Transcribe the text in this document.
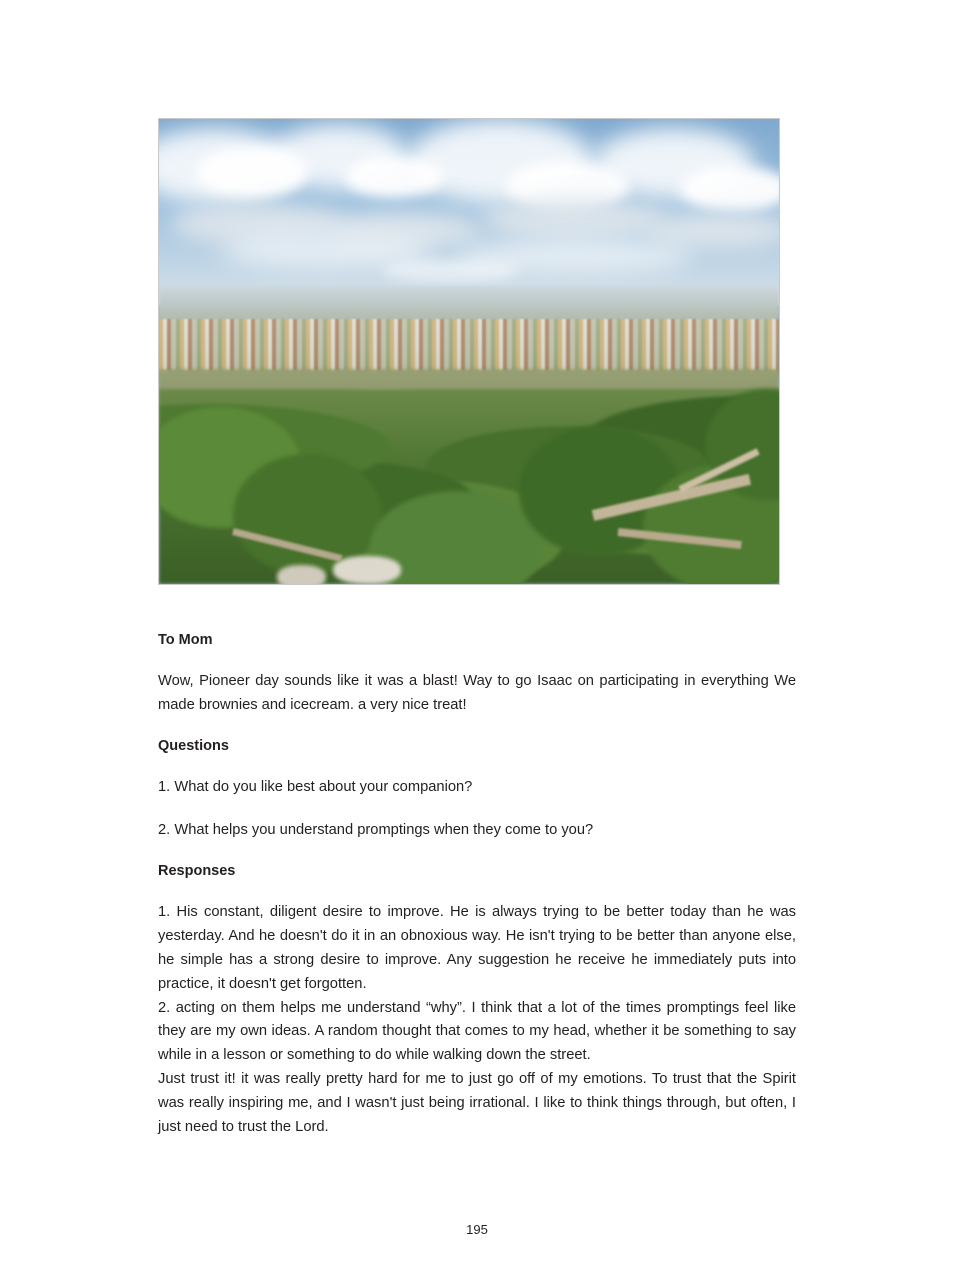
To Mom

Wow, Pioneer day sounds like it was a blast! Way to go Isaac on participating in everything We made brownies and icecream. a very nice treat!

Questions

1. What do you like best about your companion?

2. What helps you understand promptings when they come to you?

Responses

1. His constant, diligent desire to improve. He is always trying to be better today than he was yesterday. And he doesn't do it in an obnoxious way. He isn't trying to be better than anyone else, he simple has a strong desire to improve. Any suggestion he receive he immediately puts into practice, it doesn't get forgotten.

2. acting on them helps me understand “why”. I think that a lot of the times promptings feel like they are my own ideas. A random thought that comes to my head, whether it be something to say while in a lesson or something to do while walking down the street.

Just trust it! it was really pretty hard for me to just go off of my emotions. To trust that the Spirit was really inspiring me, and I wasn't just being irrational. I like to think things through, but often, I just need to trust the Lord.

195
